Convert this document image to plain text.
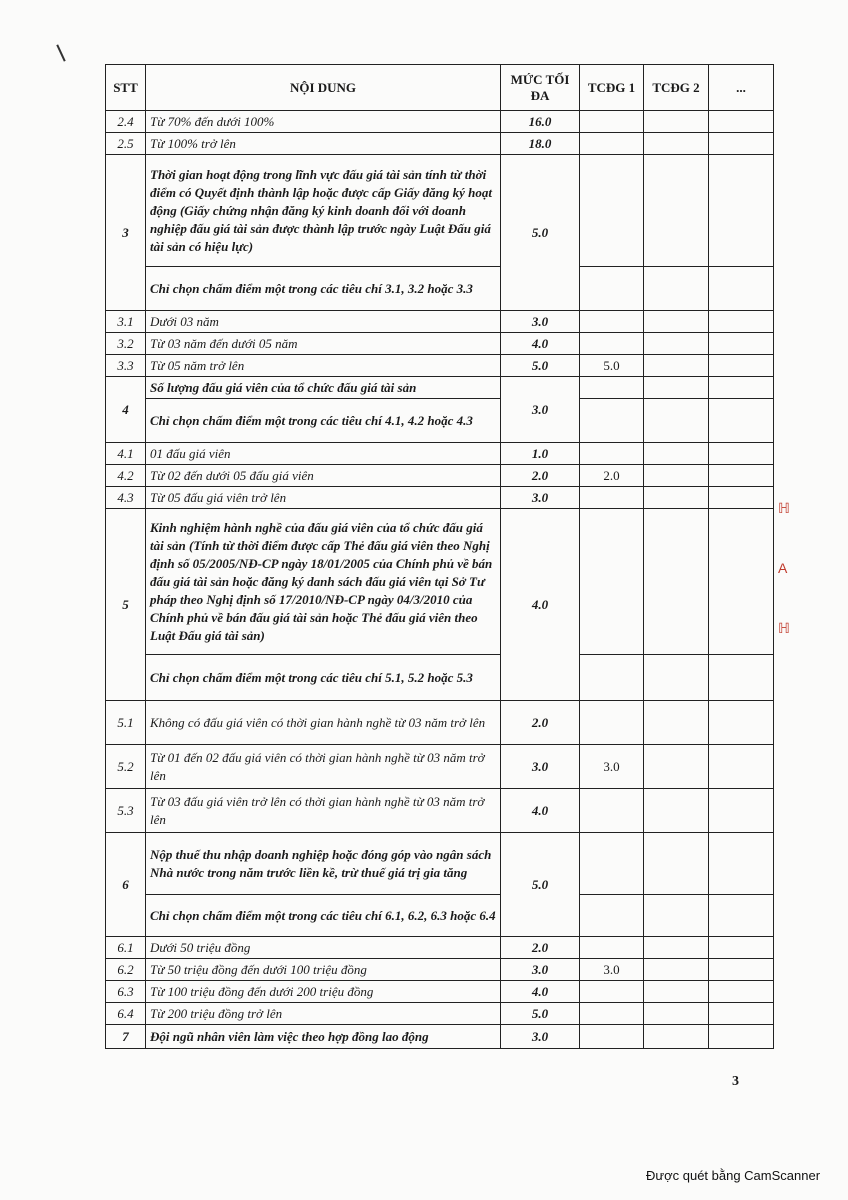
STT	NỘI DUNG	MỨC TỐI ĐA	TCĐG 1	TCĐG 2	...
2.4	Từ 70% đến dưới 100%	16.0			
2.5	Từ 100% trở lên	18.0			
3	Thời gian hoạt động trong lĩnh vực đấu giá tài sản tính từ thời điểm có Quyết định thành lập hoặc được cấp Giấy đăng ký hoạt động (Giấy chứng nhận đăng ký kinh doanh đối với doanh nghiệp đấu giá tài sản được thành lập trước ngày Luật Đấu giá tài sản có hiệu lực)	5.0			
	Chỉ chọn chấm điểm một trong các tiêu chí 3.1, 3.2 hoặc 3.3				
3.1	Dưới 03 năm	3.0			
3.2	Từ 03 năm đến dưới 05 năm	4.0			
3.3	Từ 05 năm trở lên	5.0	5.0		
4	Số lượng đấu giá viên của tổ chức đấu giá tài sản	3.0			
	Chỉ chọn chấm điểm một trong các tiêu chí 4.1, 4.2 hoặc 4.3				
4.1	01 đấu giá viên	1.0			
4.2	Từ 02 đến dưới 05 đấu giá viên	2.0	2.0		
4.3	Từ 05 đấu giá viên trở lên	3.0			
5	Kinh nghiệm hành nghề của đấu giá viên của tổ chức đấu giá tài sản (Tính từ thời điểm được cấp Thẻ đấu giá viên theo Nghị định số 05/2005/NĐ-CP ngày 18/01/2005 của Chính phủ về bán đấu giá tài sản hoặc đăng ký danh sách đấu giá viên tại Sở Tư pháp theo Nghị định số 17/2010/NĐ-CP ngày 04/3/2010 của Chính phủ về bán đấu giá tài sản hoặc Thẻ đấu giá viên theo Luật Đấu giá tài sản)	4.0			
	Chỉ chọn chấm điểm một trong các tiêu chí 5.1, 5.2 hoặc 5.3				
5.1	Không có đấu giá viên có thời gian hành nghề từ 03 năm trở lên	2.0			
5.2	Từ 01 đến 02 đấu giá viên có thời gian hành nghề từ 03 năm trở lên	3.0	3.0		
5.3	Từ 03 đấu giá viên trở lên có thời gian hành nghề từ 03 năm trở lên	4.0			
6	Nộp thuế thu nhập doanh nghiệp hoặc đóng góp vào ngân sách Nhà nước trong năm trước liền kề, trừ thuế giá trị gia tăng	5.0			
	Chỉ chọn chấm điểm một trong các tiêu chí 6.1, 6.2, 6.3 hoặc 6.4				
6.1	Dưới 50 triệu đồng	2.0			
6.2	Từ 50 triệu đồng đến dưới 100 triệu đồng	3.0	3.0		
6.3	Từ 100 triệu đồng đến dưới 200 triệu đồng	4.0			
6.4	Từ 200 triệu đồng trở lên	5.0			
7	Đội ngũ nhân viên làm việc theo hợp đồng lao động	3.0			
ℍ
A
ℍ
3
Được quét bằng CamScanner
